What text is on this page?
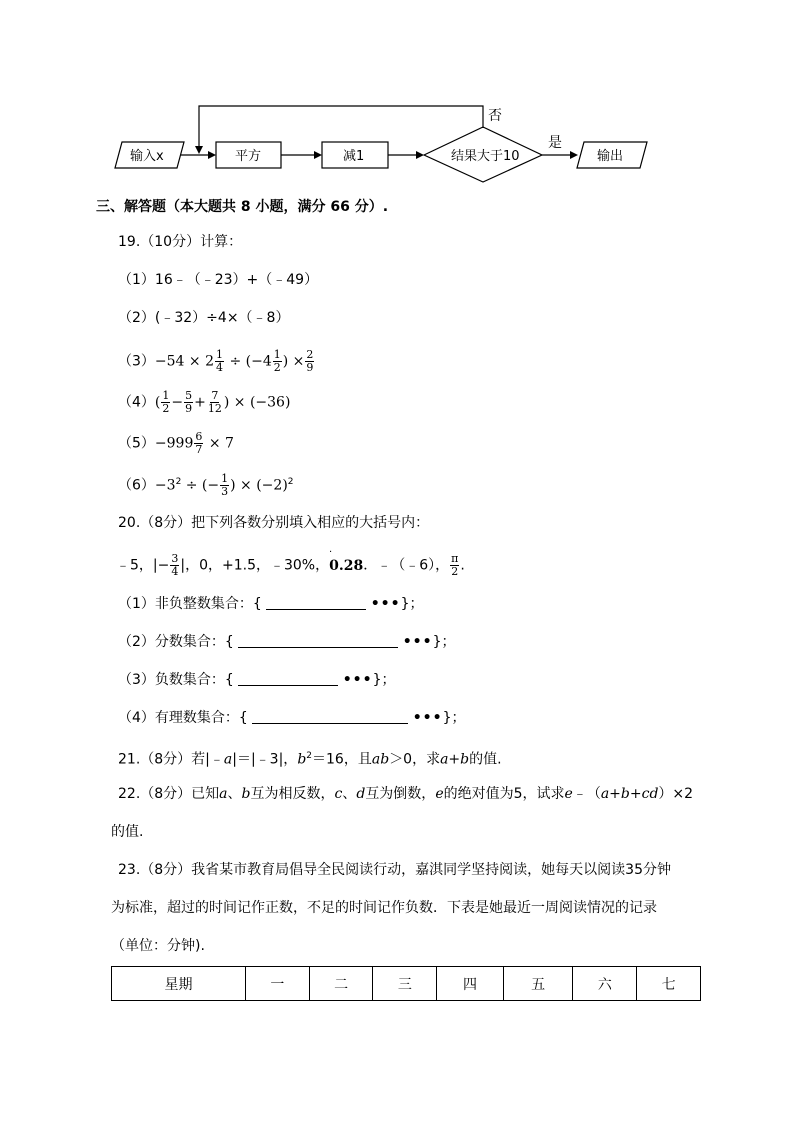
输入x	平方	减1	结果大于10
否
是
输出
三、解答题（本大题共 8 小题，满分 66 分）.
19.（10分）计算：
（1）16﹣（﹣23）+（﹣49）
（2）(﹣32）÷4×（﹣8）
$(3)-54 \times 2 \frac{1}{4} \div (-4 \frac{1}{2}$ ) × $\frac{2}{9}$
$(4)( \frac{1}{2} - \frac{5}{9} + \frac{7}{12}$ ) × (−36)
$(5)-999 \frac{6}{7} \times 7$
$(6)-3^2$ ÷ (− $\frac{1}{3}$ ) × $(-2)^2$
20.（8分）把下列各数分别填入相应的大括号内：
﹣5，|− $\frac{3}{4}$ |，0，+1.5，﹣30%，0.28．﹣（﹣6）， $\frac{\pi}{2}$ .
·
（1）非负整数集合：{	•••}；
（2）分数集合：{	•••}；
（3）负数集合：{	•••}；
（4）有理数集合：{	•••}；
21.（8分）若|﹣a|＝|﹣3|，$b^2=16$，且ab＞0，求a+b的值.
22.（8分）已知a、b互为相反数，c、d互为倒数，e的绝对值为5，试求e﹣（a+b+cd）×2
的值.
23.（8分）我省某市教育局倡导全民阅读行动，嘉淇同学坚持阅读，她每天以阅读35分钟
为标准，超过的时间记作正数，不足的时间记作负数．下表是她最近一周阅读情况的记录
（单位：分钟).
星期	一	二	三	四	五	六	七
